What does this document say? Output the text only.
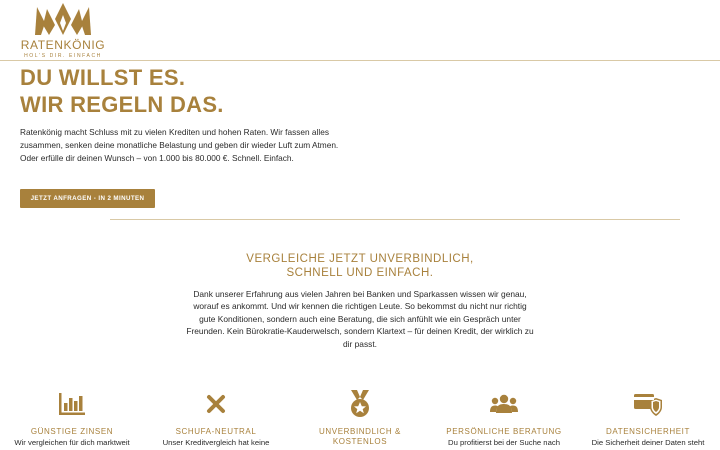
RATENKÖNIG
HOL'S DIR. EINFACH
DU WILLST ES.
WIR REGELN DAS.

Ratenkönig macht Schluss mit zu vielen Krediten und hohen Raten. Wir fassen alles zusammen, senken deine monatliche Belastung und geben dir wieder Luft zum Atmen. Oder erfülle dir deinen Wunsch – von 1.000 bis 80.000 €. Schnell. Einfach.

JETZT ANFRAGEN - IN 2 MINUTEN
VERGLEICHE JETZT UNVERBINDLICH,
SCHNELL UND EINFACH.

Dank unserer Erfahrung aus vielen Jahren bei Banken und Sparkassen wissen wir genau, worauf es ankommt. Und wir kennen die richtigen Leute. So bekommst du nicht nur richtig gute Konditionen, sondern auch eine Beratung, die sich anfühlt wie ein Gespräch unter Freunden. Kein Bürokratie-Kauderwelsch, sondern Klartext – für deinen Kredit, der wirklich zu dir passt.

GÜNSTIGE ZINSEN
Wir vergleichen für dich marktweit
SCHUFA-NEUTRAL
Unser Kreditvergleich hat keine
UNVERBINDLICH &
KOSTENLOS
PERSÖNLICHE BERATUNG
Du profitierst bei der Suche nach
DATENSICHERHEIT
Die Sicherheit deiner Daten steht
